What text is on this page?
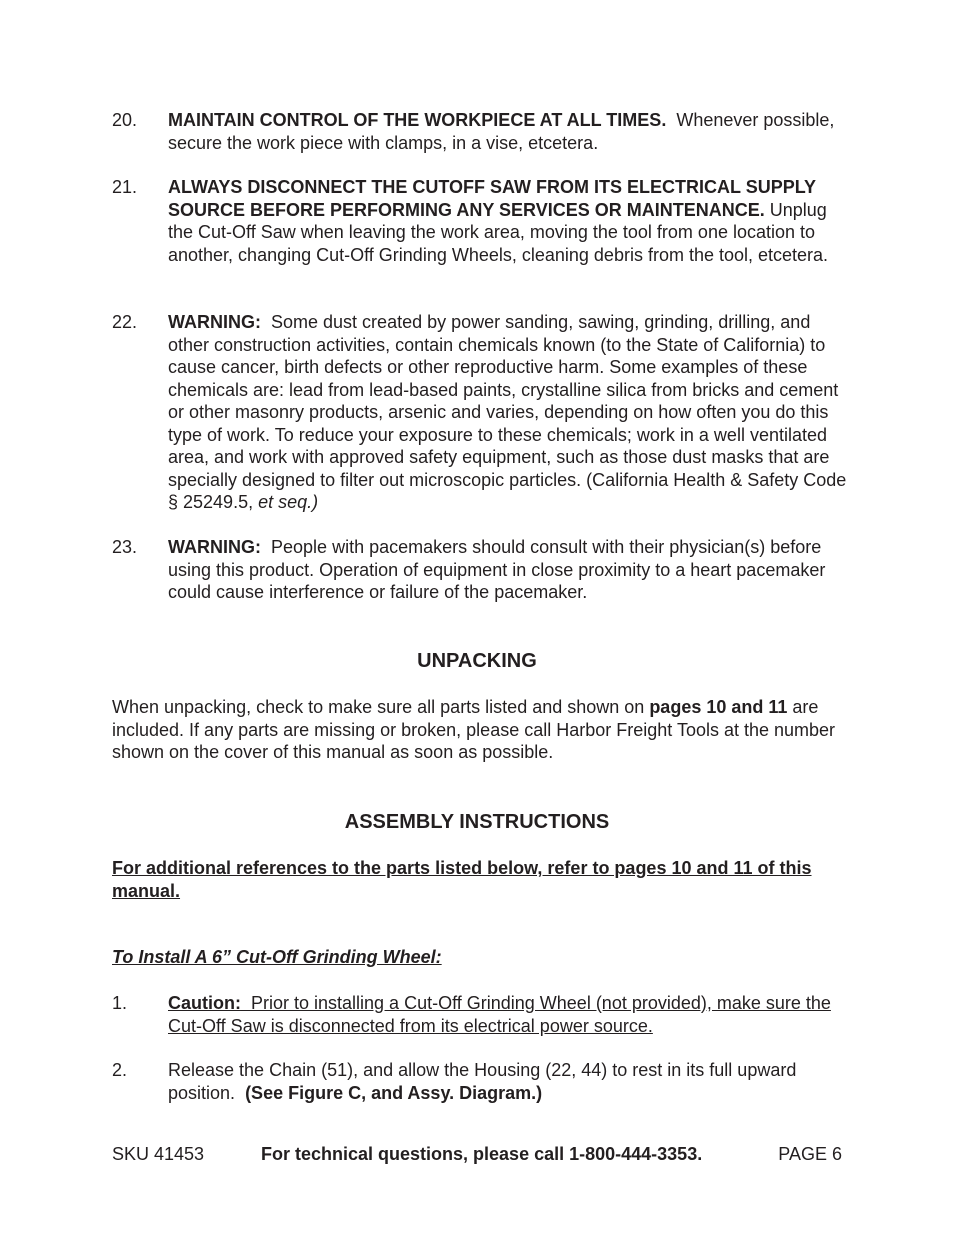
20.	MAINTAIN CONTROL OF THE WORKPIECE AT ALL TIMES. Whenever possible, secure the work piece with clamps, in a vise, etcetera.
21.	ALWAYS DISCONNECT THE CUTOFF SAW FROM ITS ELECTRICAL SUPPLY SOURCE BEFORE PERFORMING ANY SERVICES OR MAINTENANCE. Unplug the Cut-Off Saw when leaving the work area, moving the tool from one location to another, changing Cut-Off Grinding Wheels, cleaning debris from the tool, etcetera.
22.	WARNING: Some dust created by power sanding, sawing, grinding, drilling, and other construction activities, contain chemicals known (to the State of California) to cause cancer, birth defects or other reproductive harm. Some examples of these chemicals are: lead from lead-based paints, crystalline silica from bricks and cement or other masonry products, arsenic and varies, depending on how often you do this type of work. To reduce your exposure to these chemicals; work in a well ventilated area, and work with approved safety equipment, such as those dust masks that are specially designed to filter out microscopic particles. (California Health & Safety Code § 25249.5, et seq.)
23.	WARNING: People with pacemakers should consult with their physician(s) before using this product. Operation of equipment in close proximity to a heart pacemaker could cause interference or failure of the pacemaker.
UNPACKING
When unpacking, check to make sure all parts listed and shown on pages 10 and 11 are included. If any parts are missing or broken, please call Harbor Freight Tools at the number shown on the cover of this manual as soon as possible.
ASSEMBLY INSTRUCTIONS
For additional references to the parts listed below, refer to pages 10 and 11 of this manual.
To Install A 6” Cut-Off Grinding Wheel:
1.	Caution: Prior to installing a Cut-Off Grinding Wheel (not provided), make sure the Cut-Off Saw is disconnected from its electrical power source.
2.	Release the Chain (51), and allow the Housing (22, 44) to rest in its full upward position. (See Figure C, and Assy. Diagram.)
SKU 41453	For technical questions, please call 1-800-444-3353.	PAGE 6
